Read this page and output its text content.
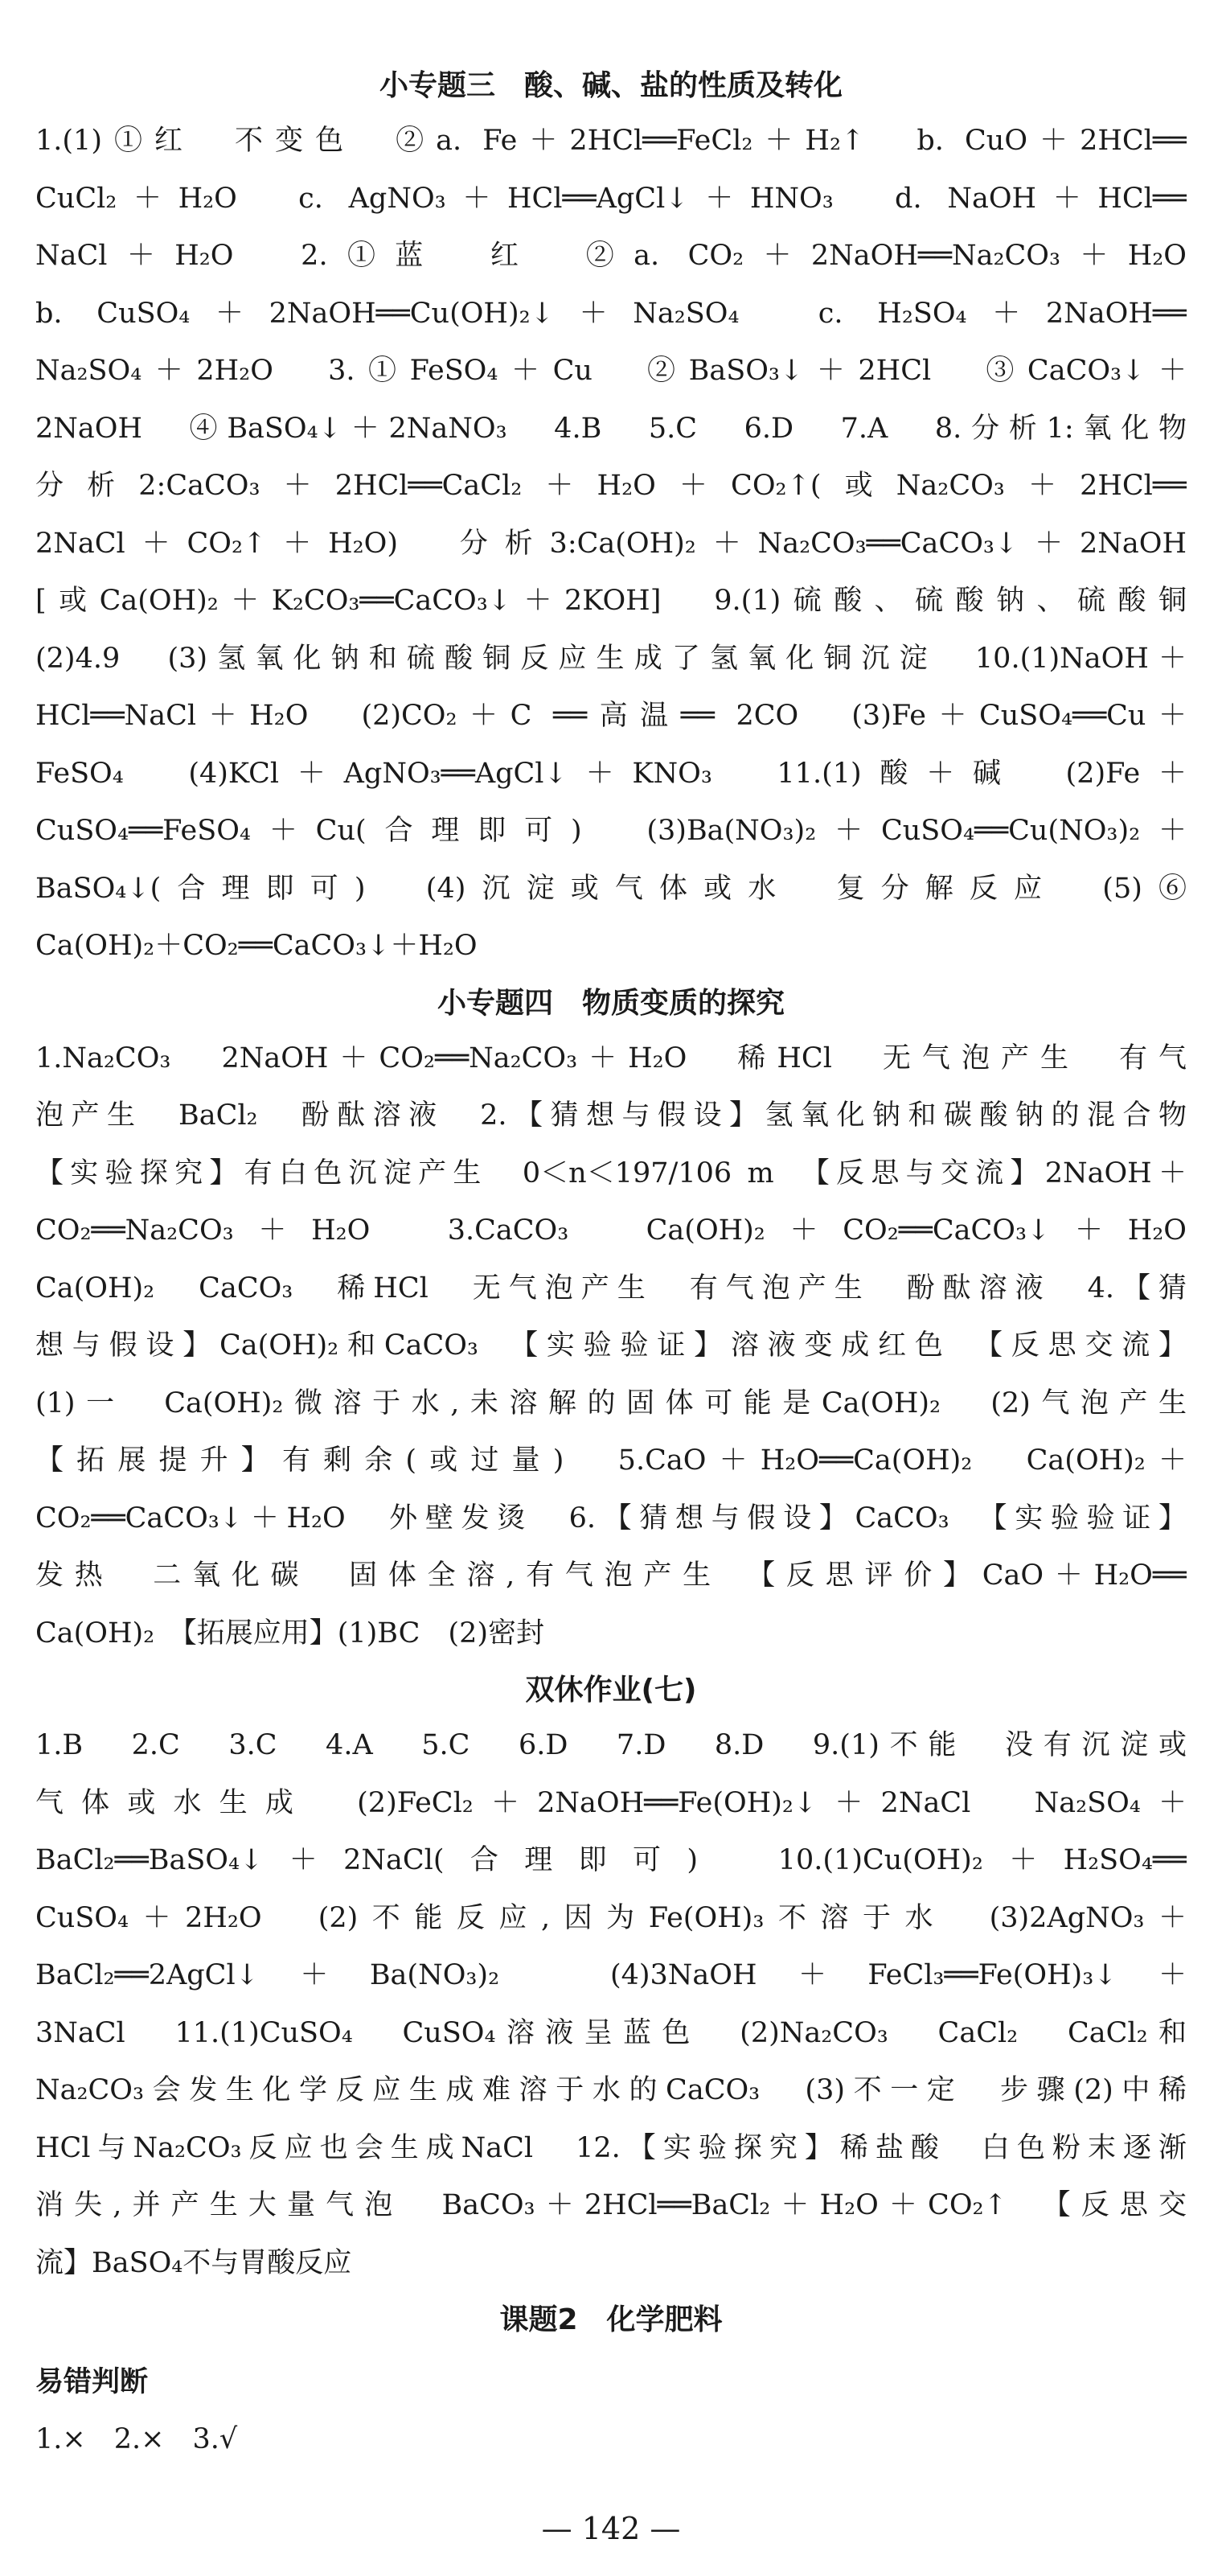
小专题三　酸、碱、盐的性质及转化
1.(1)①红　不变色　②a. Fe＋2HCl══FeCl₂＋H₂↑　b. CuO＋2HCl══
CuCl₂＋H₂O　c. AgNO₃＋HCl══AgCl↓＋HNO₃　d. NaOH＋HCl══
NaCl＋H₂O　2.①蓝　红　②a. CO₂＋2NaOH══Na₂CO₃＋H₂O
b. CuSO₄＋2NaOH══Cu(OH)₂↓＋Na₂SO₄　c. H₂SO₄＋2NaOH══
Na₂SO₄＋2H₂O　3.①FeSO₄＋Cu　②BaSO₃↓＋2HCl　③CaCO₃↓＋
2NaOH　④BaSO₄↓＋2NaNO₃　4.B　5.C　6.D　7.A　8.分析1:氧化物
分析2:CaCO₃＋2HCl══CaCl₂＋H₂O＋CO₂↑(或Na₂CO₃＋2HCl══
2NaCl＋CO₂↑＋H₂O)　分析3:Ca(OH)₂＋Na₂CO₃══CaCO₃↓＋2NaOH
[或Ca(OH)₂＋K₂CO₃══CaCO₃↓＋2KOH]　9.(1)硫酸、硫酸钠、硫酸铜
(2)4.9　(3)氢氧化钠和硫酸铜反应生成了氢氧化铜沉淀　10.(1)NaOH＋
HCl══NaCl＋H₂O　(2)CO₂＋C ══高温══ 2CO　(3)Fe＋CuSO₄══Cu＋
FeSO₄　(4)KCl＋AgNO₃══AgCl↓＋KNO₃　11.(1)酸＋碱　(2)Fe＋
CuSO₄══FeSO₄＋Cu(合理即可)　(3)Ba(NO₃)₂＋CuSO₄══Cu(NO₃)₂＋
BaSO₄↓(合理即可)　(4)沉淀或气体或水　复分解反应　(5)⑥
Ca(OH)₂＋CO₂══CaCO₃↓＋H₂O
小专题四　物质变质的探究
1.Na₂CO₃　2NaOH＋CO₂══Na₂CO₃＋H₂O　稀HCl　无气泡产生　有气
泡产生　BaCl₂　酚酞溶液　2.【猜想与假设】氢氧化钠和碳酸钠的混合物
【实验探究】有白色沉淀产生　0＜n＜197/106 m　【反思与交流】2NaOH＋
CO₂══Na₂CO₃＋H₂O　3.CaCO₃　Ca(OH)₂＋CO₂══CaCO₃↓＋H₂O
Ca(OH)₂　CaCO₃　稀HCl　无气泡产生　有气泡产生　酚酞溶液　4.【猜
想与假设】Ca(OH)₂和CaCO₃　【实验验证】溶液变成红色　【反思交流】
(1)一　Ca(OH)₂微溶于水,未溶解的固体可能是Ca(OH)₂　(2)气泡产生
【拓展提升】有剩余(或过量)　5.CaO＋H₂O══Ca(OH)₂　Ca(OH)₂＋
CO₂══CaCO₃↓＋H₂O　外壁发烫　6.【猜想与假设】CaCO₃　【实验验证】
发热　二氧化碳　固体全溶,有气泡产生　【反思评价】CaO＋H₂O══
Ca(OH)₂　【拓展应用】(1)BC　(2)密封
双休作业(七)
1.B　2.C　3.C　4.A　5.C　6.D　7.D　8.D　9.(1)不能　没有沉淀或
气体或水生成　(2)FeCl₂＋2NaOH══Fe(OH)₂↓＋2NaCl　Na₂SO₄＋
BaCl₂══BaSO₄↓＋2NaCl(合理即可)　10.(1)Cu(OH)₂＋H₂SO₄══
CuSO₄＋2H₂O　(2)不能反应,因为Fe(OH)₃不溶于水　(3)2AgNO₃＋
BaCl₂══2AgCl↓＋Ba(NO₃)₂　(4)3NaOH＋FeCl₃══Fe(OH)₃↓＋
3NaCl　11.(1)CuSO₄　CuSO₄溶液呈蓝色　(2)Na₂CO₃　CaCl₂　CaCl₂和
Na₂CO₃会发生化学反应生成难溶于水的CaCO₃　(3)不一定　步骤(2)中稀
HCl与Na₂CO₃反应也会生成NaCl　12.【实验探究】稀盐酸　白色粉末逐渐
消失,并产生大量气泡　BaCO₃＋2HCl══BaCl₂＋H₂O＋CO₂↑　【反思交
流】BaSO₄不与胃酸反应
课题2　化学肥料
易错判断
1.×　2.×　3.√
— 142 —
